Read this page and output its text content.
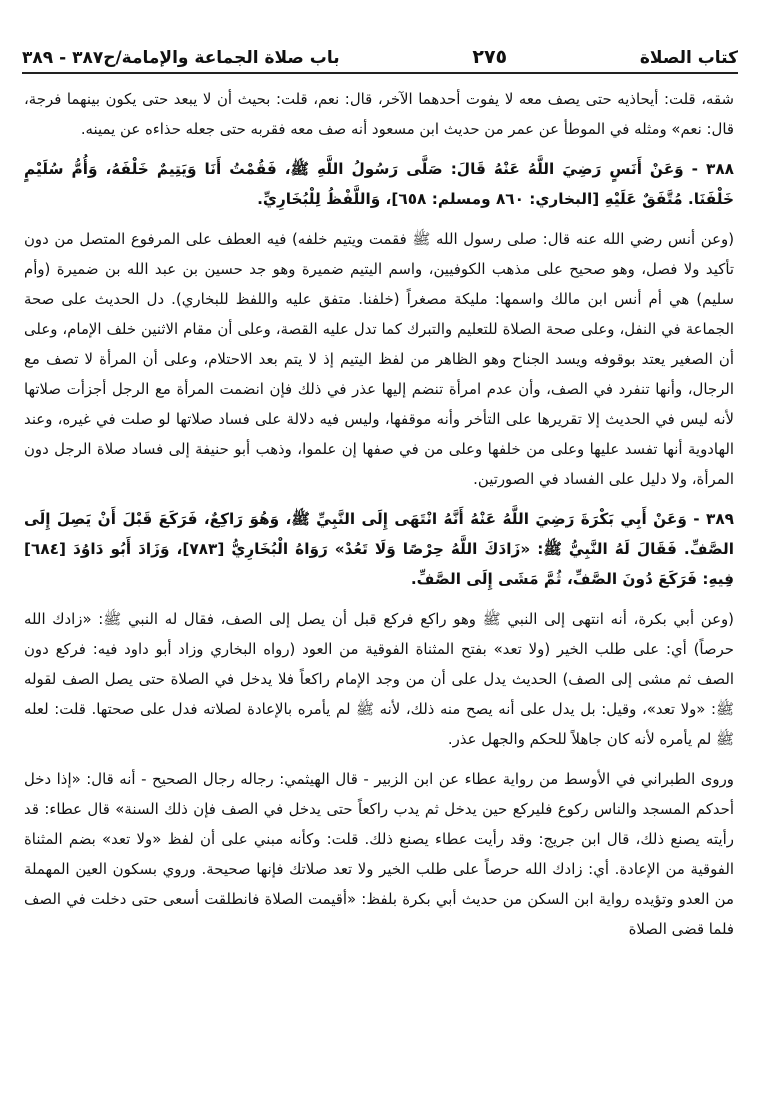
كتاب الصلاة
٢٧٥
باب صلاة الجماعة والإمامة/ح٣٨٧ - ٣٨٩

شقه، قلت: أيحاذيه حتى يصف معه لا يفوت أحدهما الآخر، قال: نعم، قلت: بحيث أن لا يبعد حتى يكون بينهما فرجة، قال: نعم» ومثله في الموطأ عن عمر من حديث ابن مسعود أنه صف معه فقربه حتى جعله حذاءه عن يمينه.

٣٨٨ - وَعَنْ أَنَسٍ رَضِيَ اللَّهُ عَنْهُ قَالَ: صَلَّى رَسُولُ اللَّهِ ﷺ، فَقُمْتُ أَنَا وَيَتِيمٌ خَلْفَهُ، وَأُمُّ سُلَيْمٍ خَلْفَنَا. مُتَّفَقٌ عَلَيْهِ [البخاري: ٨٦٠ ومسلم: ٦٥٨]، وَاللَّفْظُ لِلْبُخَارِيِّ.

(وعن أنس رضي الله عنه قال: صلى رسول الله ﷺ فقمت ويتيم خلفه) فيه العطف على المرفوع المتصل من دون تأكيد ولا فصل، وهو صحيح على مذهب الكوفيين، واسم اليتيم ضميرة وهو جد حسين بن عبد الله بن ضميرة (وأم سليم) هي أم أنس ابن مالك واسمها: مليكة مصغراً (خلفنا. متفق عليه واللفظ للبخاري). دل الحديث على صحة الجماعة في النفل، وعلى صحة الصلاة للتعليم والتبرك كما تدل عليه القصة، وعلى أن مقام الاثنين خلف الإمام، وعلى أن الصغير يعتد بوقوفه ويسد الجناح وهو الظاهر من لفظ اليتيم إذ لا يتم بعد الاحتلام، وعلى أن المرأة لا تصف مع الرجال، وأنها تنفرد في الصف، وأن عدم امرأة تنضم إليها عذر في ذلك فإن انضمت المرأة مع الرجل أجزأت صلاتها لأنه ليس في الحديث إلا تقريرها على التأخر وأنه موقفها، وليس فيه دلالة على فساد صلاتها لو صلت في غيره، وعند الهادوية أنها تفسد عليها وعلى من خلفها وعلى من في صفها إن علموا، وذهب أبو حنيفة إلى فساد صلاة الرجل دون المرأة، ولا دليل على الفساد في الصورتين.

٣٨٩ - وَعَنْ أَبِي بَكْرَةَ رَضِيَ اللَّهُ عَنْهُ أَنَّهُ انْتَهَى إِلَى النَّبِيِّ ﷺ، وَهُوَ رَاكِعٌ، فَرَكَعَ قَبْلَ أَنْ يَصِلَ إِلَى الصَّفِّ. فَقَالَ لَهُ النَّبِيُّ ﷺ: «زَادَكَ اللَّهُ حِرْصًا وَلَا تَعُدْ» رَوَاهُ الْبُخَارِيُّ [٧٨٣]، وَزَادَ أَبُو دَاوُدَ [٦٨٤] فِيهِ: فَرَكَعَ دُونَ الصَّفِّ، ثُمَّ مَشَى إِلَى الصَّفِّ.

(وعن أبي بكرة، أنه انتهى إلى النبي ﷺ وهو راكع فركع قبل أن يصل إلى الصف، فقال له النبي ﷺ: «زادك الله حرصاً) أي: على طلب الخير (ولا تعد» بفتح المثناة الفوقية من العود (رواه البخاري وزاد أبو داود فيه: فركع دون الصف ثم مشى إلى الصف) الحديث يدل على أن من وجد الإمام راكعاً فلا يدخل في الصلاة حتى يصل الصف لقوله ﷺ: «ولا تعد»، وقيل: بل يدل على أنه يصح منه ذلك، لأنه ﷺ لم يأمره بالإعادة لصلاته فدل على صحتها. قلت: لعله ﷺ لم يأمره لأنه كان جاهلاً للحكم والجهل عذر.

وروى الطبراني في الأوسط من رواية عطاء عن ابن الزبير - قال الهيثمي: رجاله رجال الصحيح - أنه قال: «إذا دخل أحدكم المسجد والناس ركوع فليركع حين يدخل ثم يدب راكعاً حتى يدخل في الصف فإن ذلك السنة» قال عطاء: قد رأيته يصنع ذلك، قال ابن جريج: وقد رأيت عطاء يصنع ذلك. قلت: وكأنه مبني على أن لفظ «ولا تعد» بضم المثناة الفوقية من الإعادة. أي: زادك الله حرصاً على طلب الخير ولا تعد صلاتك فإنها صحيحة. وروي بسكون العين المهملة من العدو وتؤيده رواية ابن السكن من حديث أبي بكرة بلفظ: «أقيمت الصلاة فانطلقت أسعى حتى دخلت في الصف فلما قضى الصلاة
